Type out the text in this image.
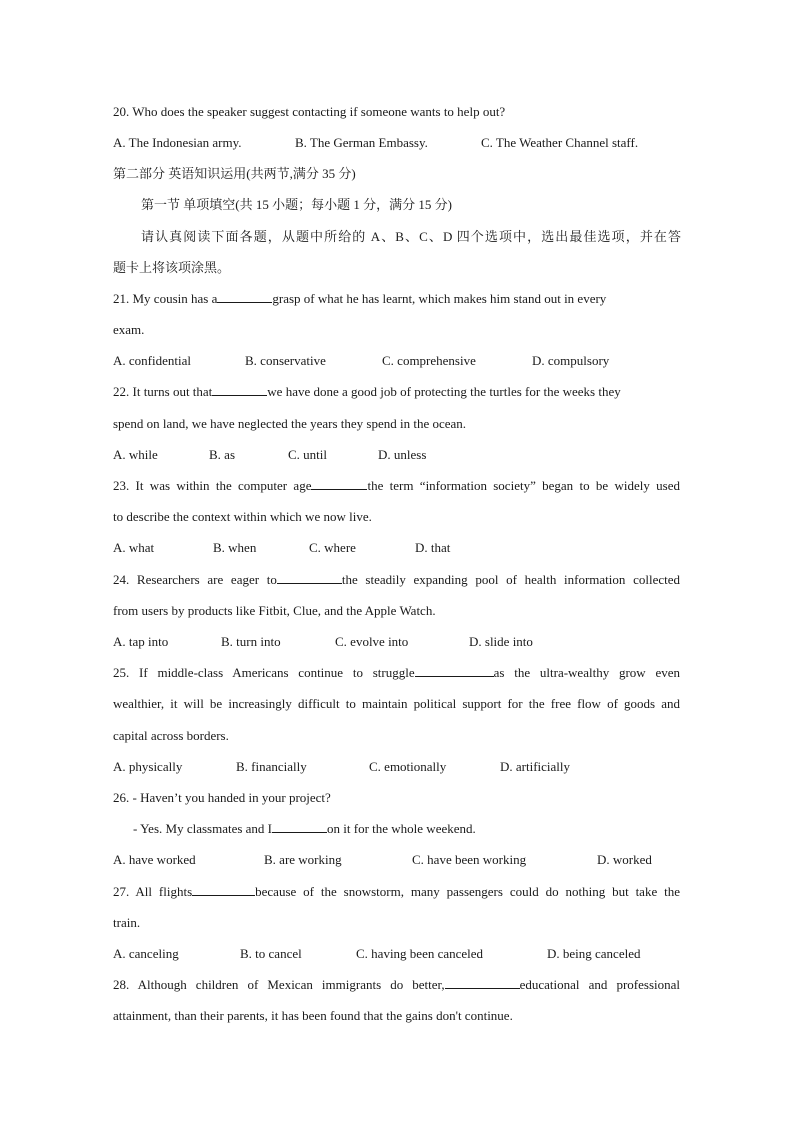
20. Who does the speaker suggest contacting if someone wants to help out?
A. The Indonesian army.	B. The German Embassy.	C. The Weather Channel staff.
第二部分 英语知识运用(共两节,满分 35 分)
第一节 单项填空(共 15 小题；每小题 1 分，满分 15 分)
请认真阅读下面各题，从题中所给的 A、B、C、D 四个选项中，选出最佳选项，并在答
题卡上将该项涂黑。
21. My cousin has a	grasp of what he has learnt, which makes him stand out in every
exam.
A. confidential	B. conservative	C. comprehensive	D. compulsory
22. It turns out that	we have done a good job of protecting the turtles for the weeks they
spend on land, we have neglected the years they spend in the ocean.
A. while	B. as	C. until	D. unless
23. It was within the computer age	the term “information society” began to be widely used
to describe the context within which we now live.
A. what	B. when	C. where	D. that
24. Researchers are eager to	the steadily expanding pool of health information collected
from users by products like Fitbit, Clue, and the Apple Watch.
A. tap into	B. turn into	C. evolve into	D. slide into
25. If middle-class Americans continue to struggle	as the ultra-wealthy grow even
wealthier, it will be increasingly difficult to maintain political support for the free flow of goods and
capital across borders.
A. physically	B. financially	C. emotionally	D. artificially
26. - Haven’t you handed in your project?
- Yes. My classmates and I	on it for the whole weekend.
A. have worked	B. are working	C. have been working	D. worked
27. All flights	because of the snowstorm, many passengers could do nothing but take the
train.
A. canceling	B. to cancel	C. having been canceled	D. being canceled
28. Although children of Mexican immigrants do better,	educational and professional
attainment, than their parents, it has been found that the gains don't continue.
